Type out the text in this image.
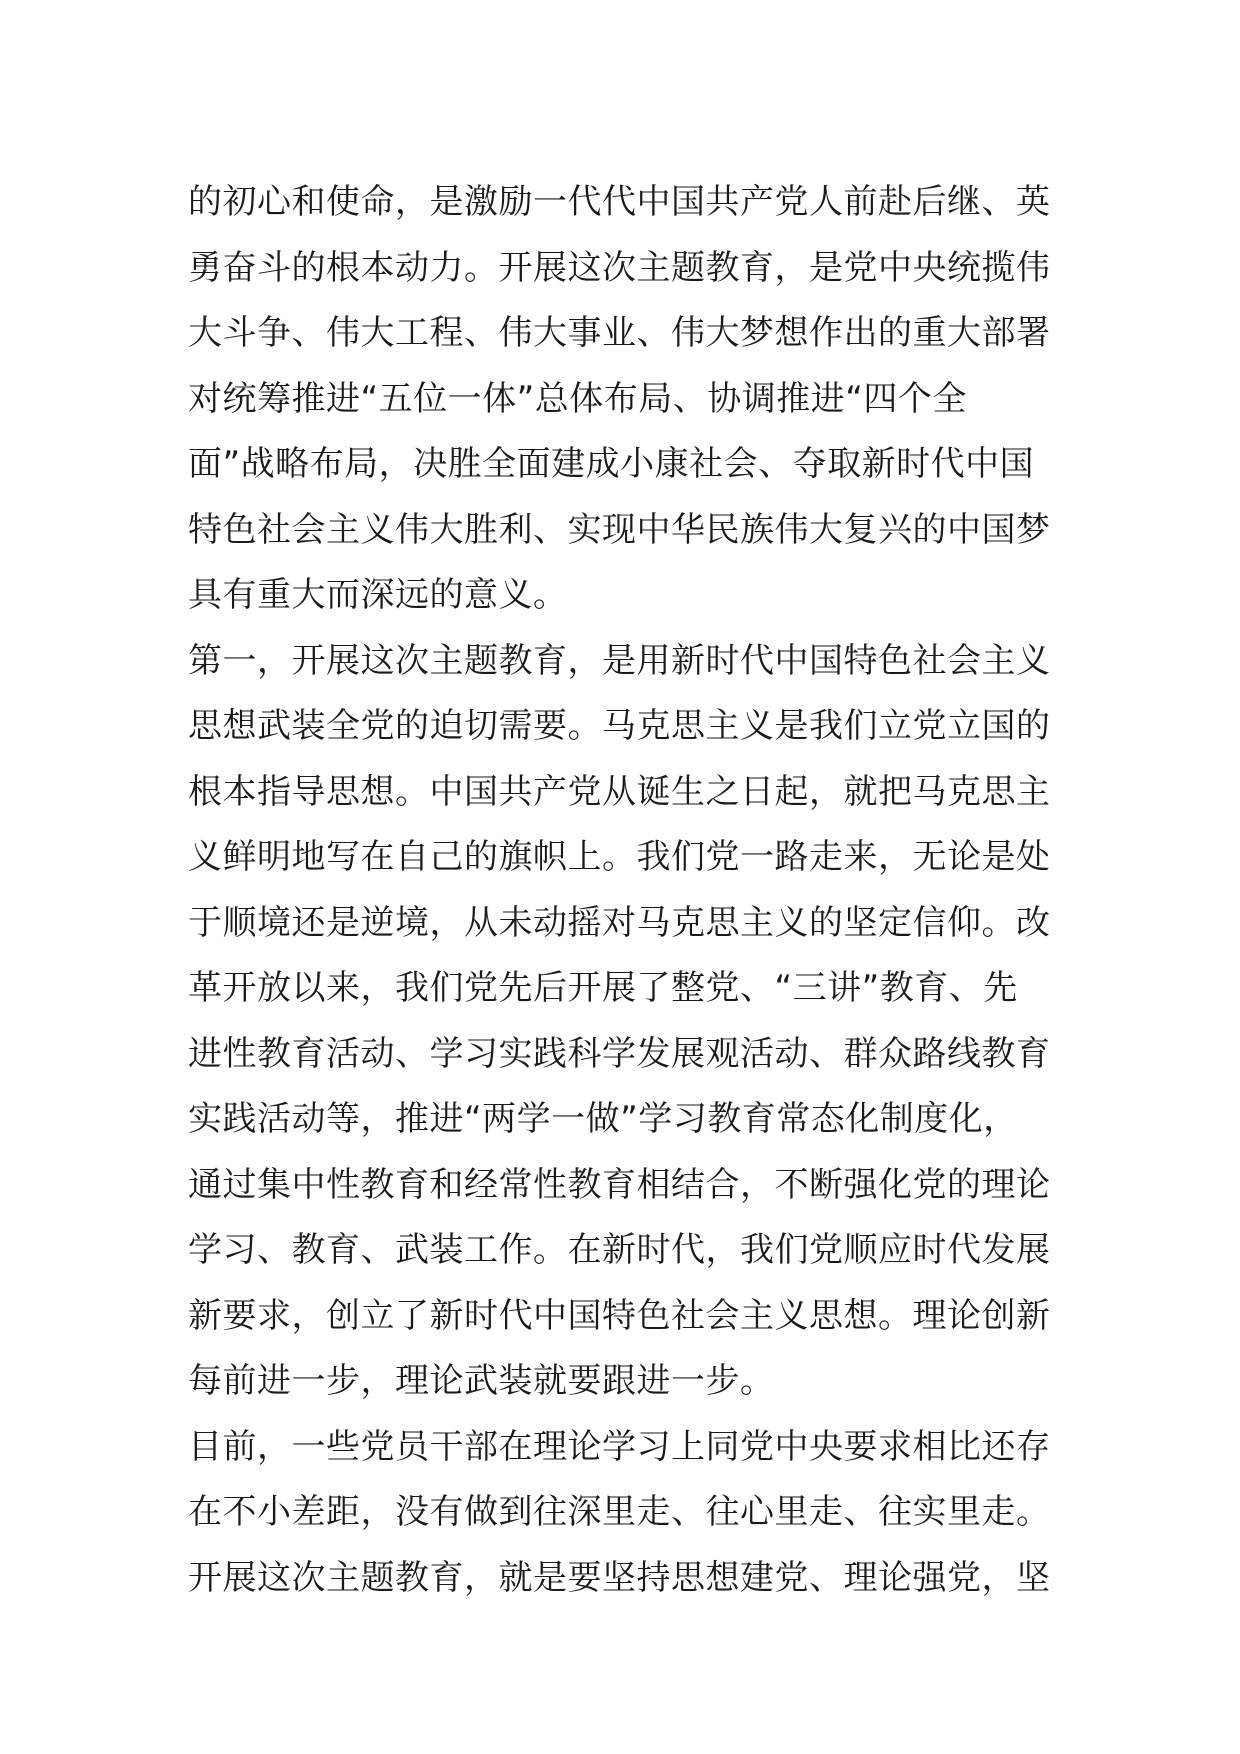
的初心和使命，是激励一代代中国共产党人前赴后继、英
勇奋斗的根本动力。开展这次主题教育，是党中央统揽伟
大斗争、伟大工程、伟大事业、伟大梦想作出的重大部署
对统筹推进“五位一体”总体布局、协调推进“四个全
面”战略布局，决胜全面建成小康社会、夺取新时代中国
特色社会主义伟大胜利、实现中华民族伟大复兴的中国梦
具有重大而深远的意义。
第一，开展这次主题教育，是用新时代中国特色社会主义
思想武装全党的迫切需要。马克思主义是我们立党立国的
根本指导思想。中国共产党从诞生之日起，就把马克思主
义鲜明地写在自己的旗帜上。我们党一路走来，无论是处
于顺境还是逆境，从未动摇对马克思主义的坚定信仰。改
革开放以来，我们党先后开展了整党、“三讲”教育、先
进性教育活动、学习实践科学发展观活动、群众路线教育
实践活动等，推进“两学一做”学习教育常态化制度化，
通过集中性教育和经常性教育相结合，不断强化党的理论
学习、教育、武装工作。在新时代，我们党顺应时代发展
新要求，创立了新时代中国特色社会主义思想。理论创新
每前进一步，理论武装就要跟进一步。
目前，一些党员干部在理论学习上同党中央要求相比还存
在不小差距，没有做到往深里走、往心里走、往实里走。
开展这次主题教育，就是要坚持思想建党、理论强党，坚
